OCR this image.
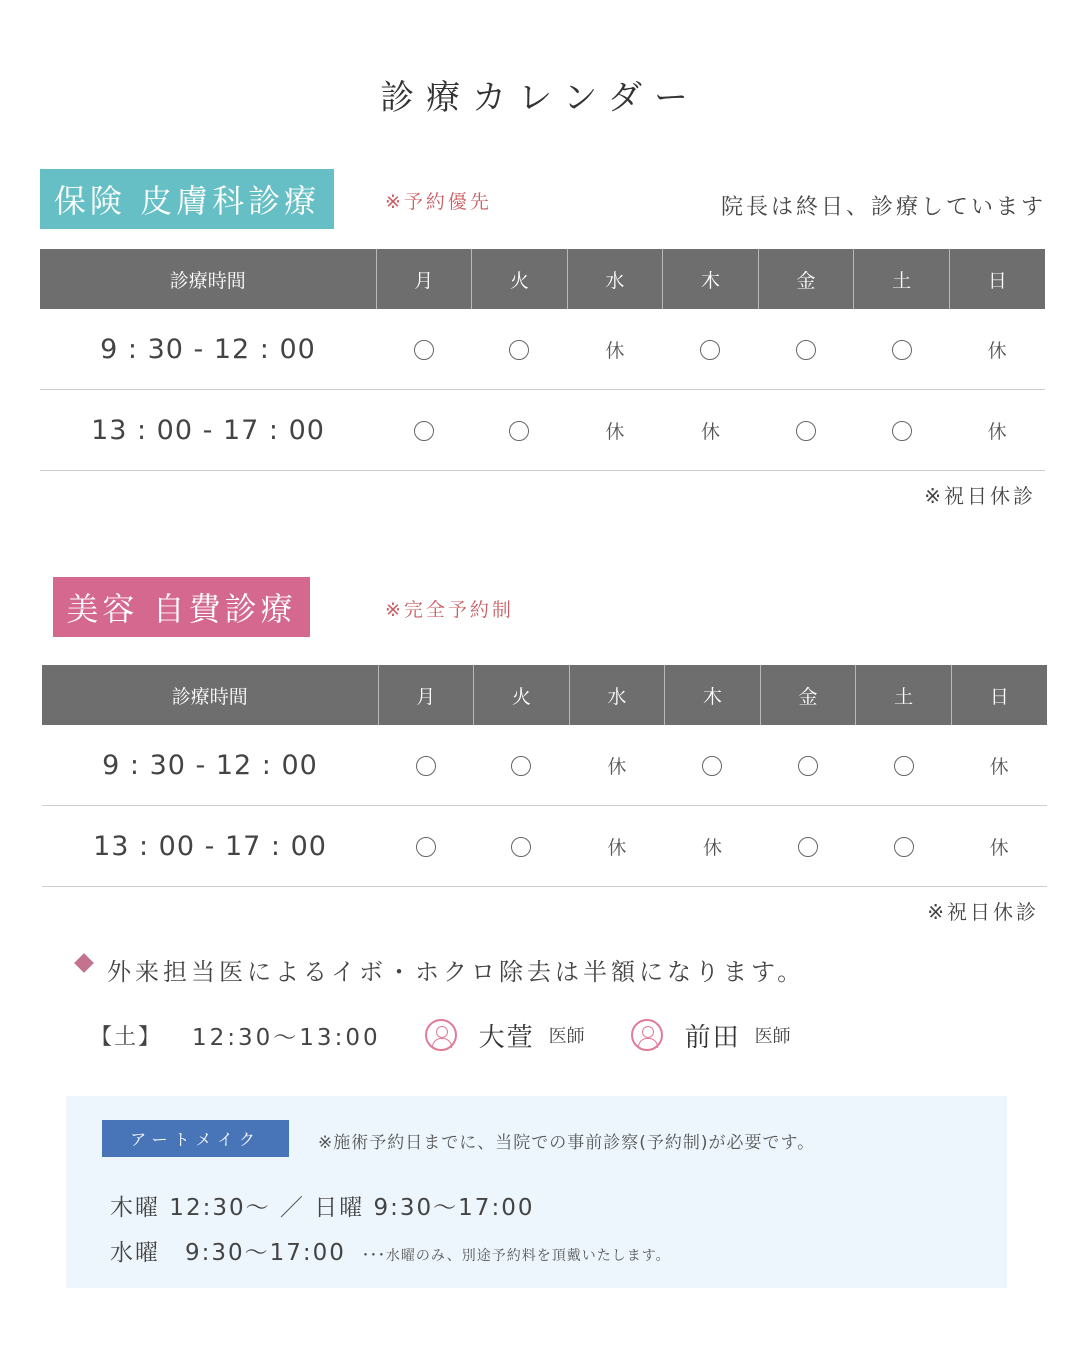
診療カレンダー
保険 皮膚科診療	※予約優先	院長は終日、診療しています
診療時間	月	火	水	木	金	土	日
9 : 30 - 12 : 00			休				休
13 : 00 - 17 : 00			休	休			休
※祝日休診
美容 自費診療	※完全予約制
診療時間	月	火	水	木	金	土	日
9 : 30 - 12 : 00			休				休
13 : 00 - 17 : 00			休	休			休
※祝日休診
外来担当医によるイボ・ホクロ除去は半額になります。
【土】 12:30〜13:00	大萱 医師	前田 医師
アートメイク	※施術予約日までに、当院での事前診察(予約制)が必要です。
木曜 12:30〜 ／ 日曜 9:30〜17:00
水曜　9:30〜17:00 ･･･水曜のみ、別途予約料を頂戴いたします。
